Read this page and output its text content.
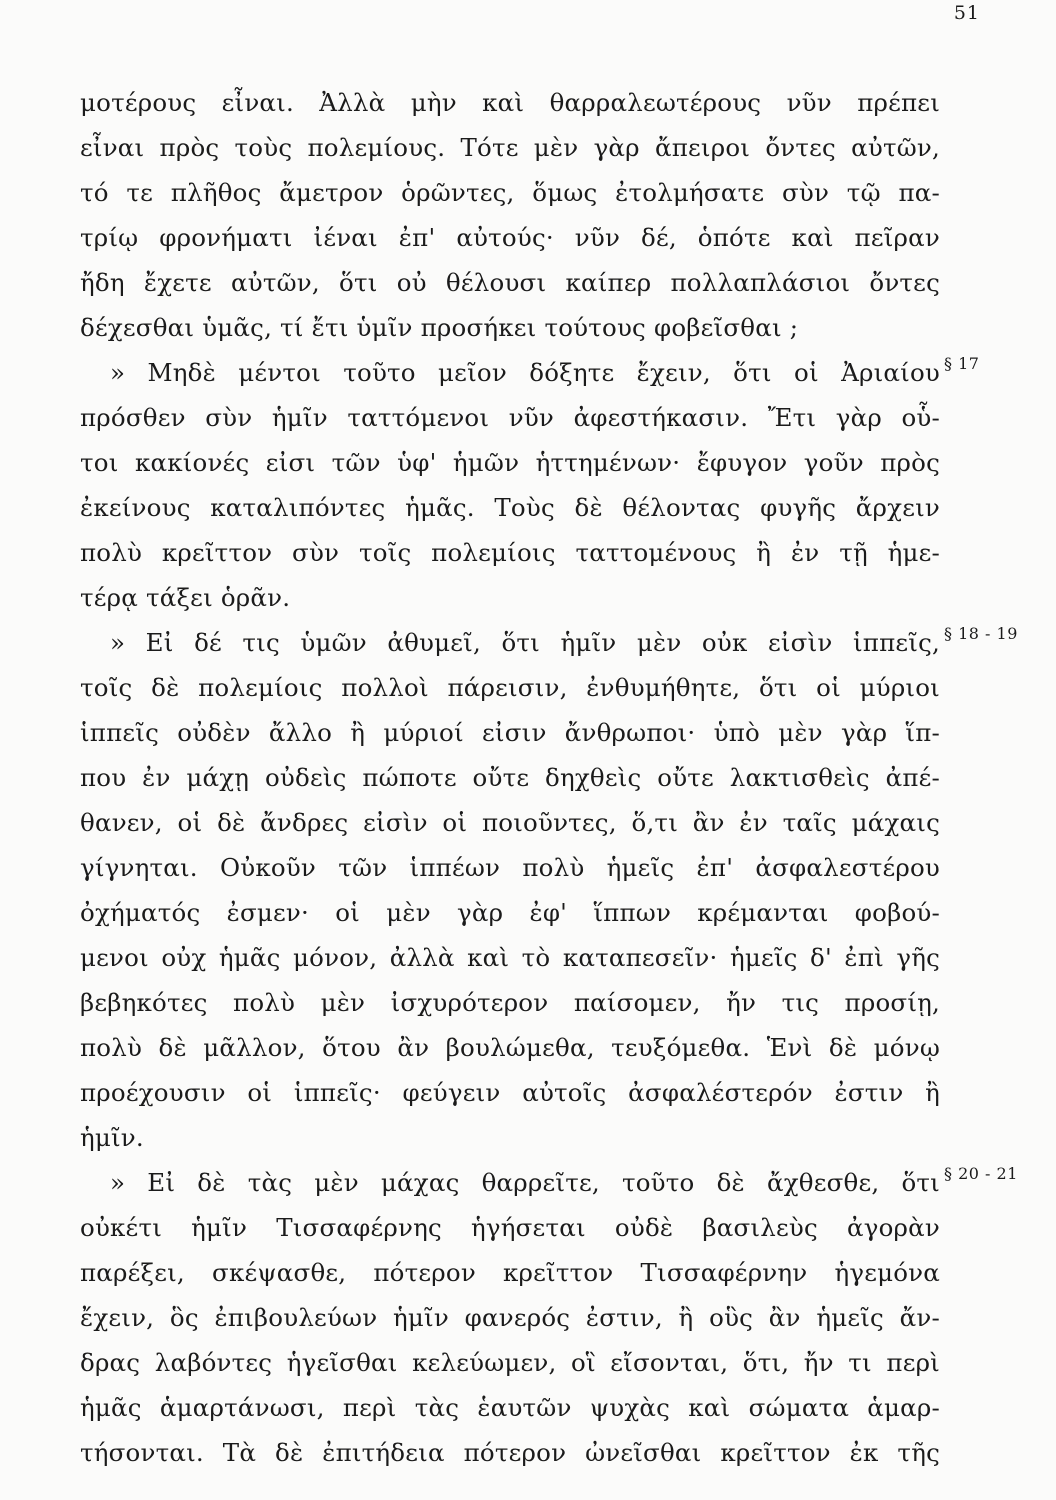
51
μοτέρους εἶναι. Ἀλλὰ μὴν καὶ θαρραλεωτέρους νῦν πρέπει
εἶναι πρὸς τοὺς πολεμίους. Τότε μὲν γὰρ ἄπειροι ὄντες αὐτῶν,
τό τε πλῆθος ἄμετρον ὁρῶντες, ὅμως ἐτολμήσατε σὺν τῷ πα-
τρίῳ φρονήματι ἰέναι ἐπ' αὐτούς· νῦν δέ, ὁπότε καὶ πεῖραν
ἤδη ἔχετε αὐτῶν, ὅτι οὐ θέλουσι καίπερ πολλαπλάσιοι ὄντες
δέχεσθαι ὑμᾶς, τί ἔτι ὑμῖν προσήκει τούτους φοβεῖσθαι ;
» Μηδὲ μέντοι τοῦτο μεῖον δόξητε ἔχειν, ὅτι οἱ Ἀριαίου
πρόσθεν σὺν ἡμῖν ταττόμενοι νῦν ἀφεστήκασιν. Ἔτι γὰρ οὗ-
τοι κακίονές εἰσι τῶν ὑφ' ἡμῶν ἡττημένων· ἔφυγον γοῦν πρὸς
ἐκείνους καταλιπόντες ἡμᾶς. Τοὺς δὲ θέλοντας φυγῆς ἄρχειν
πολὺ κρεῖττον σὺν τοῖς πολεμίοις ταττομένους ἢ ἐν τῇ ἡμε-
τέρᾳ τάξει ὁρᾶν.
» Εἰ δέ τις ὑμῶν ἀθυμεῖ, ὅτι ἡμῖν μὲν οὐκ εἰσὶν ἱππεῖς,
τοῖς δὲ πολεμίοις πολλοὶ πάρεισιν, ἐνθυμήθητε, ὅτι οἱ μύριοι
ἱππεῖς οὐδὲν ἄλλο ἢ μύριοί εἰσιν ἄνθρωποι· ὑπὸ μὲν γὰρ ἵπ-
που ἐν μάχῃ οὐδεὶς πώποτε οὔτε δηχθεὶς οὔτε λακτισθεὶς ἀπέ-
θανεν, οἱ δὲ ἄνδρες εἰσὶν οἱ ποιοῦντες, ὅ,τι ἂν ἐν ταῖς μάχαις
γίγνηται. Οὐκοῦν τῶν ἱππέων πολὺ ἡμεῖς ἐπ' ἀσφαλεστέρου
ὀχήματός ἐσμεν· οἱ μὲν γὰρ ἐφ' ἵππων κρέμανται φοβού-
μενοι οὐχ ἡμᾶς μόνον, ἀλλὰ καὶ τὸ καταπεσεῖν· ἡμεῖς δ' ἐπὶ γῆς
βεβηκότες πολὺ μὲν ἰσχυρότερον παίσομεν, ἤν τις προσίῃ,
πολὺ δὲ μᾶλλον, ὅτου ἂν βουλώμεθα, τευξόμεθα. Ἑνὶ δὲ μόνῳ
προέχουσιν οἱ ἱππεῖς· φεύγειν αὐτοῖς ἀσφαλέστερόν ἐστιν ἢ
ἡμῖν.
» Εἰ δὲ τὰς μὲν μάχας θαρρεῖτε, τοῦτο δὲ ἄχθεσθε, ὅτι
οὐκέτι ἡμῖν Τισσαφέρνης ἡγήσεται οὐδὲ βασιλεὺς ἀγορὰν
παρέξει, σκέψασθε, πότερον κρεῖττον Τισσαφέρνην ἡγεμόνα
ἔχειν, ὃς ἐπιβουλεύων ἡμῖν φανερός ἐστιν, ἢ οὓς ἂν ἡμεῖς ἄν-
δρας λαβόντες ἡγεῖσθαι κελεύωμεν, οἳ εἴσονται, ὅτι, ἤν τι περὶ
ἡμᾶς ἁμαρτάνωσι, περὶ τὰς ἑαυτῶν ψυχὰς καὶ σώματα ἁμαρ-
τήσονται. Τὰ δὲ ἐπιτήδεια πότερον ὠνεῖσθαι κρεῖττον ἐκ τῆς
§ 17
§ 18 - 19
§ 20 - 21
